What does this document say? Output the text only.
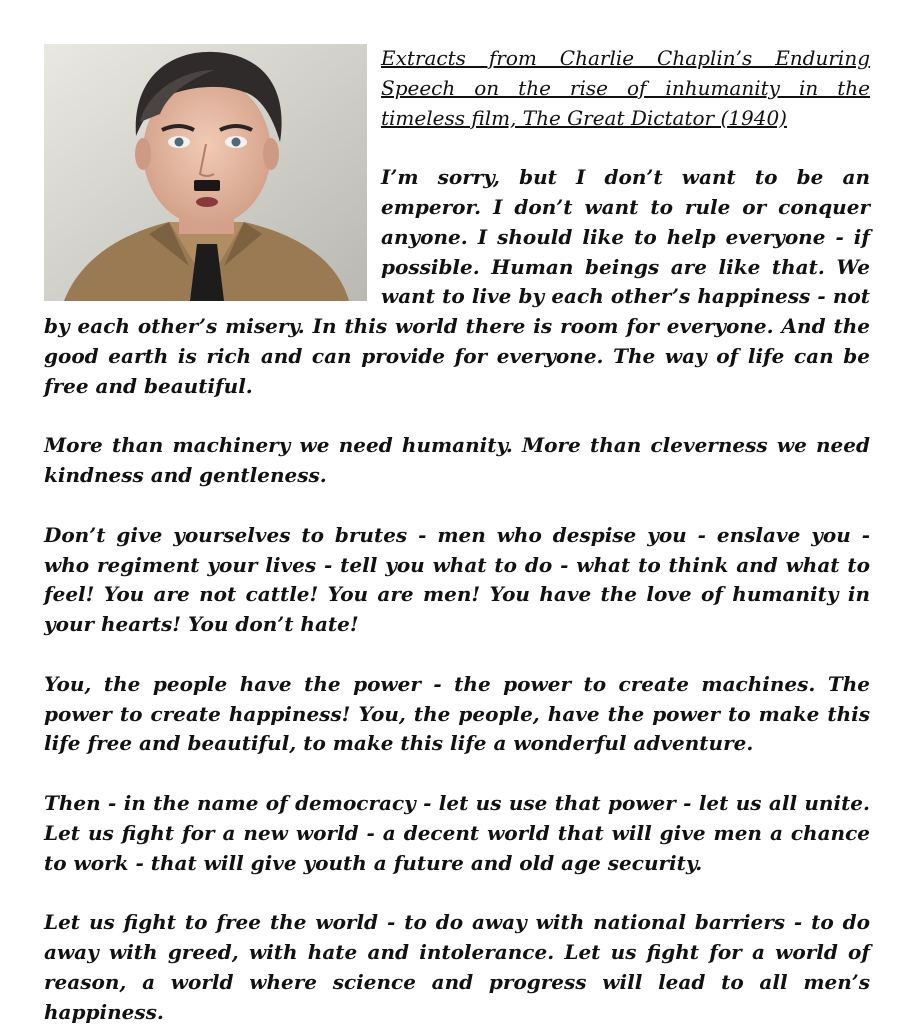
Extracts from Charlie Chaplin’s Enduring Speech on the rise of inhumanity in the timeless film, The Great Dictator (1940)

I’m sorry, but I don’t want to be an emperor. I don’t want to rule or conquer anyone. I should like to help everyone - if possible. Human beings are like that. We want to live by each other’s happiness - not by each other’s misery. In this world there is room for everyone. And the good earth is rich and can provide for everyone. The way of life can be free and beautiful.

More than machinery we need humanity. More than cleverness we need kindness and gentleness.

Don’t give yourselves to brutes - men who despise you - enslave you - who regiment your lives - tell you what to do - what to think and what to feel! You are not cattle! You are men! You have the love of humanity in your hearts! You don’t hate!

You, the people have the power - the power to create machines. The power to create happiness! You, the people, have the power to make this life free and beautiful, to make this life a wonderful adventure.

Then - in the name of democracy - let us use that power - let us all unite. Let us fight for a new world - a decent world that will give men a chance to work - that will give youth a future and old age security.

Let us fight to free the world - to do away with national barriers - to do away with greed, with hate and intolerance. Let us fight for a world of reason, a world where science and progress will lead to all men’s happiness.
